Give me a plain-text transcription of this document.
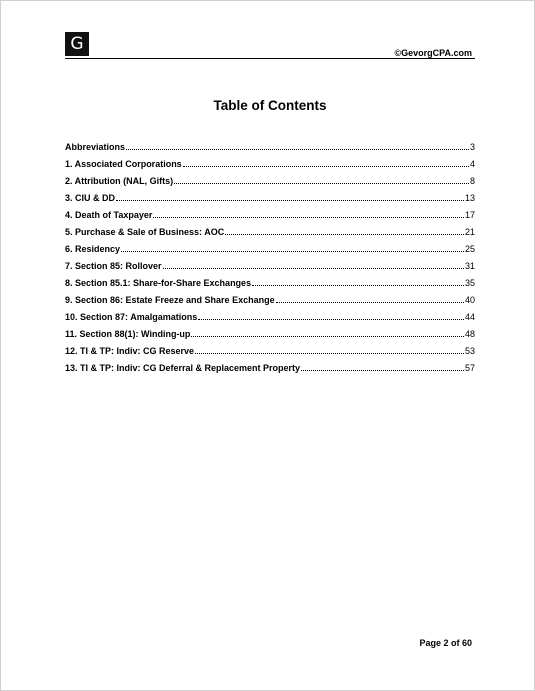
G	©GevorgCPA.com
Table of Contents
Abbreviations	3
1. Associated Corporations	4
2. Attribution (NAL, Gifts)	8
3. CIU & DD	13
4. Death of Taxpayer	17
5. Purchase & Sale of Business: AOC	21
6. Residency	25
7. Section 85: Rollover	31
8. Section 85.1: Share-for-Share Exchanges	35
9. Section 86: Estate Freeze and Share Exchange	40
10. Section 87: Amalgamations	44
11. Section 88(1): Winding-up	48
12. TI & TP: Indiv: CG Reserve	53
13. TI & TP: Indiv: CG Deferral & Replacement Property	57
Page 2 of 60
